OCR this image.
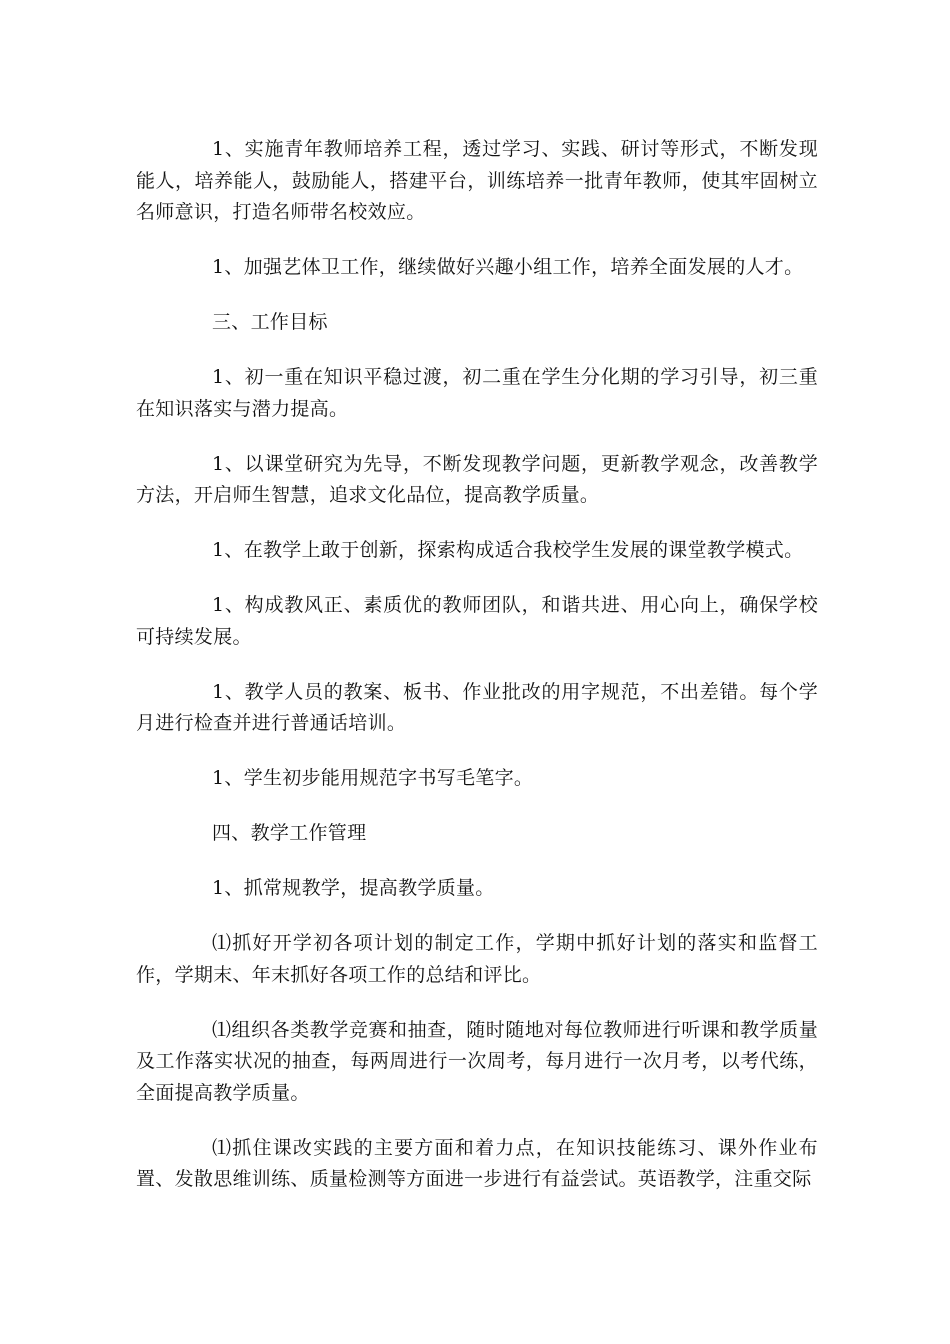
1、实施青年教师培养工程，透过学习、实践、研讨等形式，不断发现能人，培养能人，鼓励能人，搭建平台，训练培养一批青年教师，使其牢固树立名师意识，打造名师带名校效应。

1、加强艺体卫工作，继续做好兴趣小组工作，培养全面发展的人才。

三、工作目标

1、初一重在知识平稳过渡，初二重在学生分化期的学习引导，初三重在知识落实与潜力提高。

1、以课堂研究为先导，不断发现教学问题，更新教学观念，改善教学方法，开启师生智慧，追求文化品位，提高教学质量。

1、在教学上敢于创新，探索构成适合我校学生发展的课堂教学模式。

1、构成教风正、素质优的教师团队，和谐共进、用心向上，确保学校可持续发展。

1、教学人员的教案、板书、作业批改的用字规范，不出差错。每个学月进行检查并进行普通话培训。

1、学生初步能用规范字书写毛笔字。

四、教学工作管理

1、抓常规教学，提高教学质量。

⑴抓好开学初各项计划的制定工作，学期中抓好计划的落实和监督工作，学期末、年末抓好各项工作的总结和评比。

⑴组织各类教学竞赛和抽查，随时随地对每位教师进行听课和教学质量及工作落实状况的抽查，每两周进行一次周考，每月进行一次月考，以考代练，全面提高教学质量。

⑴抓住课改实践的主要方面和着力点，在知识技能练习、课外作业布置、发散思维训练、质量检测等方面进一步进行有益尝试。英语教学，注重交际
